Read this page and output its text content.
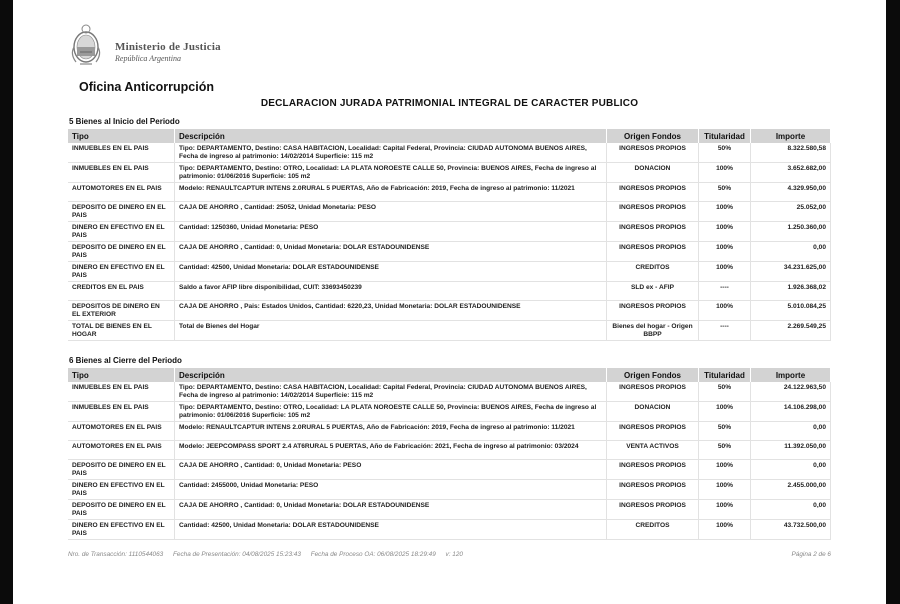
Ministerio de Justicia
República Argentina
Oficina Anticorrupción
DECLARACION JURADA PATRIMONIAL INTEGRAL DE CARACTER PUBLICO
5 Bienes al Inicio del Periodo
Tipo	Descripción	Origen Fondos	Titularidad	Importe
INMUEBLES EN EL PAIS	Tipo: DEPARTAMENTO, Destino: CASA HABITACION, Localidad: Capital Federal, Provincia: CIUDAD AUTONOMA BUENOS AIRES, Fecha de ingreso al patrimonio: 14/02/2014 Superficie: 115 m2	INGRESOS PROPIOS	50%	8.322.580,58
INMUEBLES EN EL PAIS	Tipo: DEPARTAMENTO, Destino: OTRO, Localidad: LA PLATA NOROESTE CALLE 50, Provincia: BUENOS AIRES, Fecha de ingreso al patrimonio: 01/06/2016 Superficie: 105 m2	DONACION	100%	3.652.682,00
AUTOMOTORES EN EL PAIS	Modelo: RENAULTCAPTUR INTENS 2.0RURAL 5 PUERTAS, Año de Fabricación: 2019, Fecha de ingreso al patrimonio: 11/2021	INGRESOS PROPIOS	50%	4.329.950,00
DEPOSITO DE DINERO EN EL PAIS	CAJA DE AHORRO , Cantidad: 25052, Unidad Monetaria: PESO	INGRESOS PROPIOS	100%	25.052,00
DINERO EN EFECTIVO EN EL PAIS	Cantidad: 1250360, Unidad Monetaria: PESO	INGRESOS PROPIOS	100%	1.250.360,00
DEPOSITO DE DINERO EN EL PAIS	CAJA DE AHORRO , Cantidad: 0, Unidad Monetaria: DOLAR ESTADOUNIDENSE	INGRESOS PROPIOS	100%	0,00
DINERO EN EFECTIVO EN EL PAIS	Cantidad: 42500, Unidad Monetaria: DOLAR ESTADOUNIDENSE	CREDITOS	100%	34.231.625,00
CREDITOS EN EL PAIS	Saldo a favor AFIP libre disponibilidad, CUIT: 33693450239	SLD ex - AFIP	----	1.926.368,02
DEPOSITOS DE DINERO EN EL EXTERIOR	CAJA DE AHORRO , Pais: Estados Unidos, Cantidad: 6220,23, Unidad Monetaria: DOLAR ESTADOUNIDENSE	INGRESOS PROPIOS	100%	5.010.084,25
TOTAL DE BIENES EN EL HOGAR	Total de Bienes del Hogar	Bienes del hogar - Origen BBPP	----	2.269.549,25
6 Bienes al Cierre del Periodo
Tipo	Descripción	Origen Fondos	Titularidad	Importe
INMUEBLES EN EL PAIS	Tipo: DEPARTAMENTO, Destino: CASA HABITACION, Localidad: Capital Federal, Provincia: CIUDAD AUTONOMA BUENOS AIRES, Fecha de ingreso al patrimonio: 14/02/2014 Superficie: 115 m2	INGRESOS PROPIOS	50%	24.122.963,50
INMUEBLES EN EL PAIS	Tipo: DEPARTAMENTO, Destino: OTRO, Localidad: LA PLATA NOROESTE CALLE 50, Provincia: BUENOS AIRES, Fecha de ingreso al patrimonio: 01/06/2016 Superficie: 105 m2	DONACION	100%	14.106.298,00
AUTOMOTORES EN EL PAIS	Modelo: RENAULTCAPTUR INTENS 2.0RURAL 5 PUERTAS, Año de Fabricación: 2019, Fecha de ingreso al patrimonio: 11/2021	INGRESOS PROPIOS	50%	0,00
AUTOMOTORES EN EL PAIS	Modelo: JEEPCOMPASS SPORT 2.4 AT6RURAL 5 PUERTAS, Año de Fabricación: 2021, Fecha de ingreso al patrimonio: 03/2024	VENTA ACTIVOS	50%	11.392.050,00
DEPOSITO DE DINERO EN EL PAIS	CAJA DE AHORRO , Cantidad: 0, Unidad Monetaria: PESO	INGRESOS PROPIOS	100%	0,00
DINERO EN EFECTIVO EN EL PAIS	Cantidad: 2455000, Unidad Monetaria: PESO	INGRESOS PROPIOS	100%	2.455.000,00
DEPOSITO DE DINERO EN EL PAIS	CAJA DE AHORRO , Cantidad: 0, Unidad Monetaria: DOLAR ESTADOUNIDENSE	INGRESOS PROPIOS	100%	0,00
DINERO EN EFECTIVO EN EL PAIS	Cantidad: 42500, Unidad Monetaria: DOLAR ESTADOUNIDENSE	CREDITOS	100%	43.732.500,00
Nro. de Transacción: 1110544063 Fecha de Presentación: 04/08/2025 15:23:43 Fecha de Proceso OA: 06/08/2025 18:29:49 v: 120	Página 2 de 6
